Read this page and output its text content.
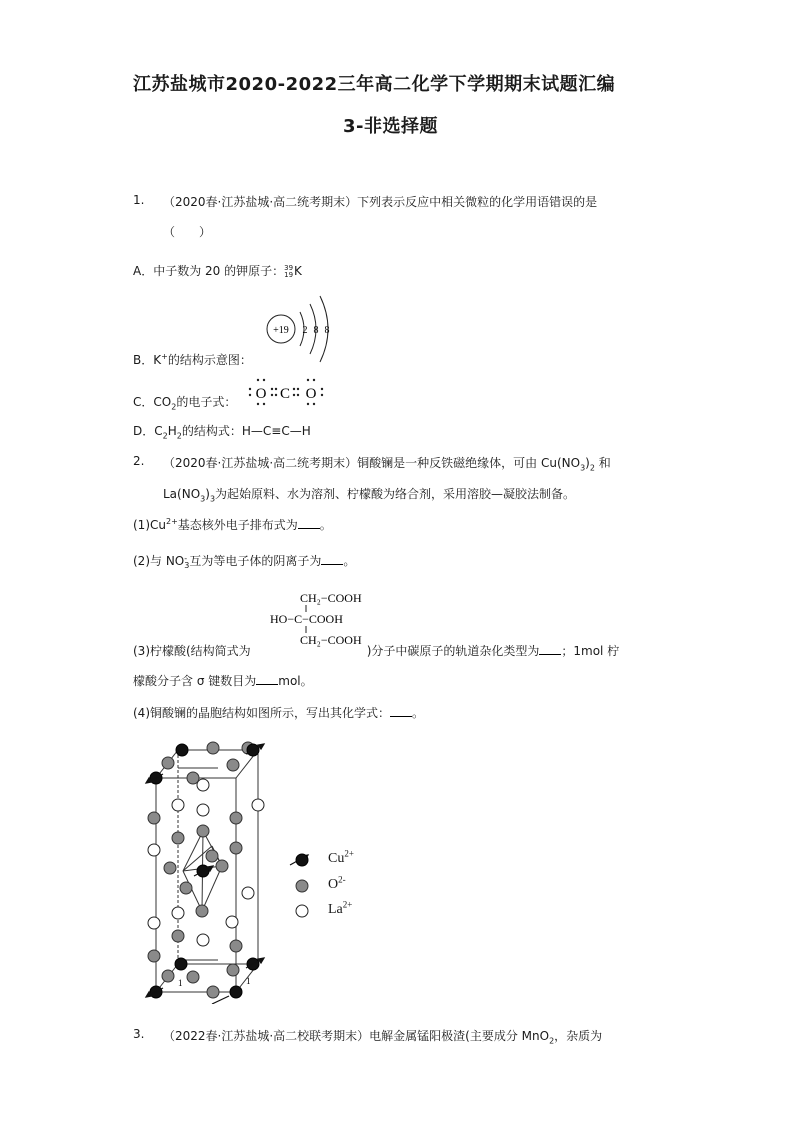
江苏盐城市2020-2022三年高二化学下学期期末试题汇编
3-非选择题
1. （2020春·江苏盐城·高二统考期末）下列表示反应中相关微粒的化学用语错误的是
（　　）
A．中子数为 20 的钾原子：39
19K
+19 2 8 8
B．K+的结构示意图：
C．$CO_2$的电子式： O C O
D．$C_2H_2$的结构式：H—C≡C—H
2. （2020春·江苏盐城·高二统考期末）铜酸镧是一种反铁磁绝缘体，可由 $Cu(NO_3)_2$ 和
$La(NO_3)_3$为起始原料、水为溶剂、柠檬酸为络合剂，采用溶胶—凝胶法制备。
$(1)Cu^{2+}$基态核外电子排布式为 。
(2)与 NO-
3互为等电子体的阴离子为 。
CH₂−COOH
HO−C−COOH
CH₂−COOH
(3)柠檬酸(结构简式为	)分子中碳原子的轨道杂化类型为 ；1mol 柠
檬酸分子含 σ 键数目为 mol。
(4)铜酸镧的晶胞结构如图所示，写出其化学式： 。
1	1
$Cu^{2+}$
$O^{2-}$
$La^{2+}$
3. （2022春·江苏盐城·高二校联考期末）电解金属锰阳极渣(主要成分 MnO$_2$，杂质为
